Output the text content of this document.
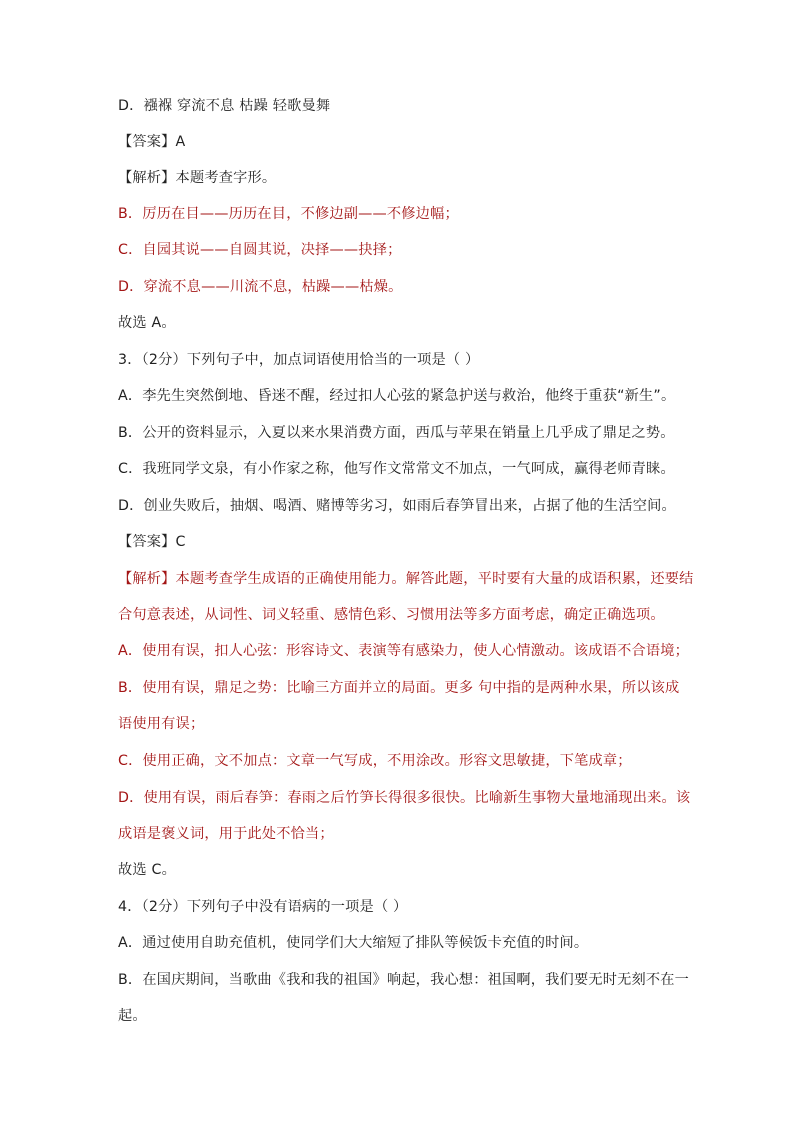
D．襁褓 穿流不息 枯躁 轻歌曼舞
【答案】A
【解析】本题考查字形。
B．厉历在目——历历在目，不修边副——不修边幅；
C．自园其说——自圆其说，决择——抉择；
D．穿流不息——川流不息，枯躁——枯燥。
故选 A。
3．（2分）下列句子中，加点词语使用恰当的一项是（ ）
A．李先生突然倒地、昏迷不醒，经过扣人心弦的紧急护送与救治，他终于重获“新生”。
B．公开的资料显示，入夏以来水果消费方面，西瓜与苹果在销量上几乎成了鼎足之势。
C．我班同学文泉，有小作家之称，他写作文常常文不加点，一气呵成，赢得老师青睐。
D．创业失败后，抽烟、喝酒、赌博等劣习，如雨后春笋冒出来，占据了他的生活空间。
【答案】C
【解析】本题考查学生成语的正确使用能力。解答此题，平时要有大量的成语积累，还要结
合句意表述，从词性、词义轻重、感情色彩、习惯用法等多方面考虑，确定正确选项。
A．使用有误，扣人心弦：形容诗文、表演等有感染力，使人心情激动。该成语不合语境；
B．使用有误，鼎足之势：比喻三方面并立的局面。更多 句中指的是两种水果，所以该成
语使用有误；
C．使用正确，文不加点：文章一气写成，不用涂改。形容文思敏捷，下笔成章；
D．使用有误，雨后春笋：春雨之后竹笋长得很多很快。比喻新生事物大量地涌现出来。该
成语是褒义词，用于此处不恰当；
故选 C。
4．（2分）下列句子中没有语病的一项是（ ）
A．通过使用自助充值机，使同学们大大缩短了排队等候饭卡充值的时间。
B．在国庆期间，当歌曲《我和我的祖国》响起，我心想：祖国啊，我们要无时无刻不在一
起。
